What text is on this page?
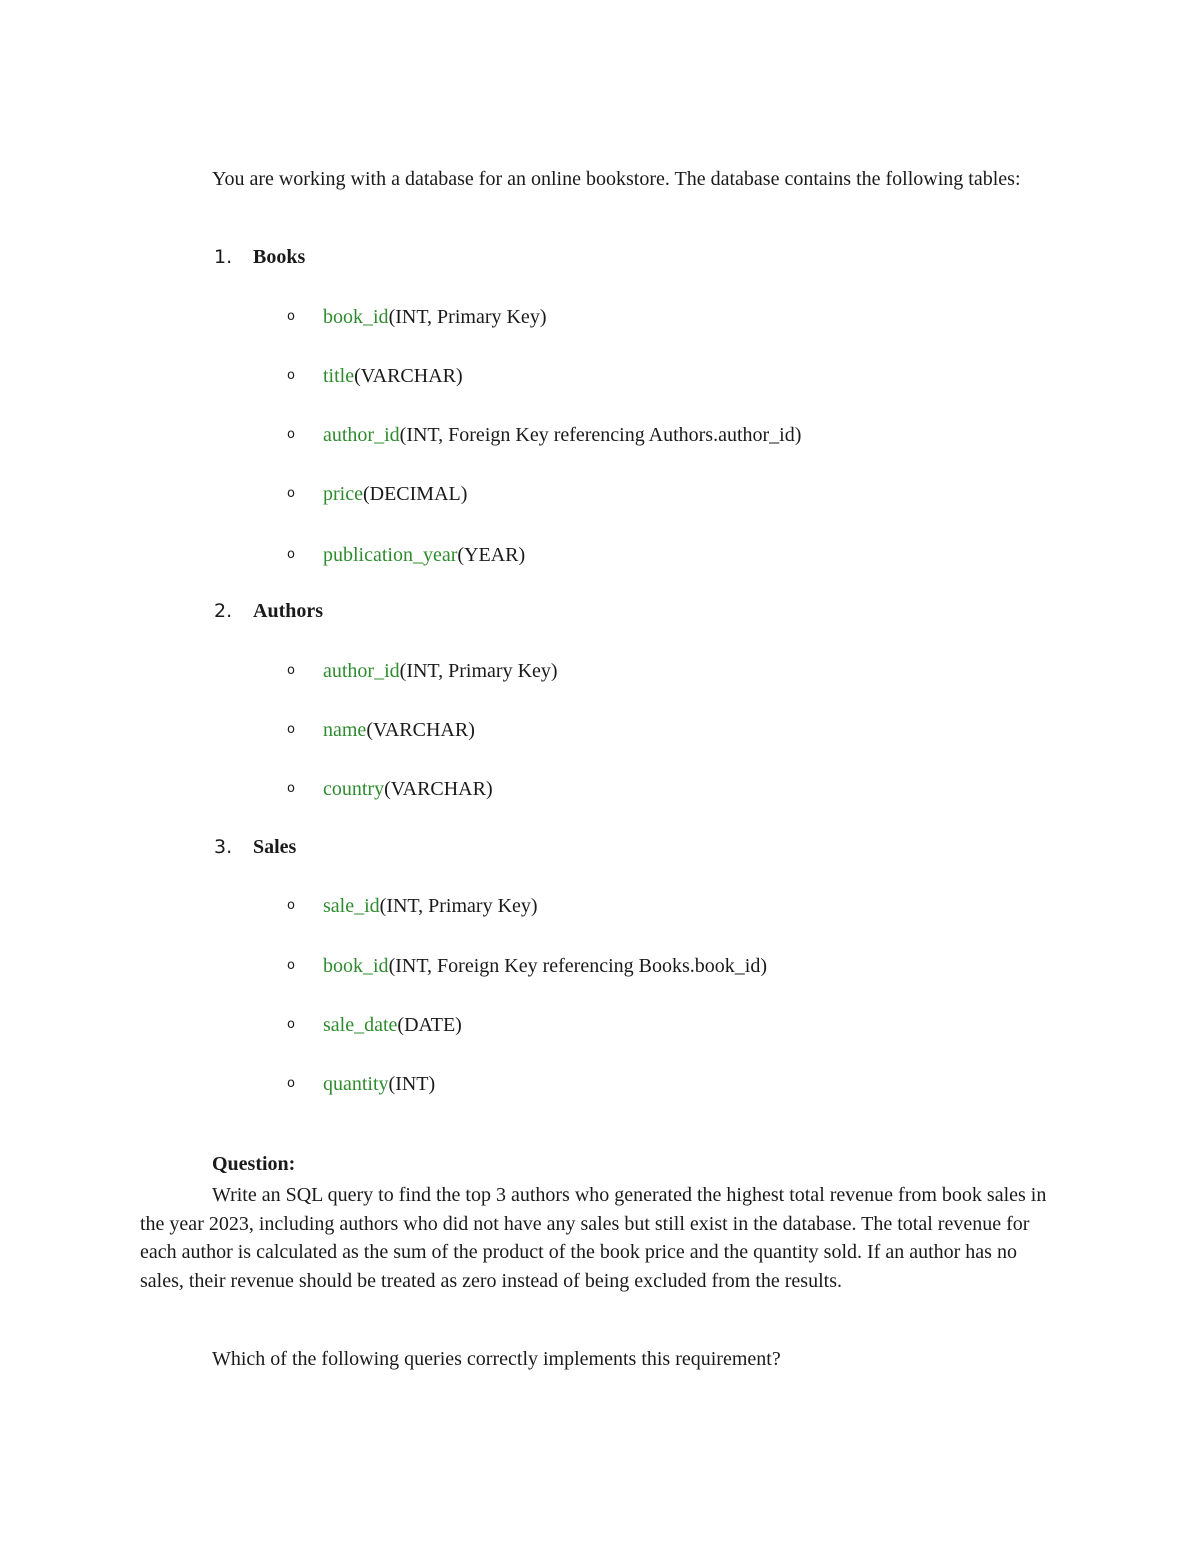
You are working with a database for an online bookstore. The database contains the following tables:

1. Books
o book_id(INT, Primary Key)
o title(VARCHAR)
o author_id(INT, Foreign Key referencing Authors.author_id)
o price(DECIMAL)
o publication_year(YEAR)
2. Authors
o author_id(INT, Primary Key)
o name(VARCHAR)
o country(VARCHAR)
3. Sales
o sale_id(INT, Primary Key)
o book_id(INT, Foreign Key referencing Books.book_id)
o sale_date(DATE)
o quantity(INT)

Question:

Write an SQL query to find the top 3 authors who generated the highest total revenue from book sales in the year 2023, including authors who did not have any sales but still exist in the database. The total revenue for each author is calculated as the sum of the product of the book price and the quantity sold. If an author has no sales, their revenue should be treated as zero instead of being excluded from the results.

Which of the following queries correctly implements this requirement?
